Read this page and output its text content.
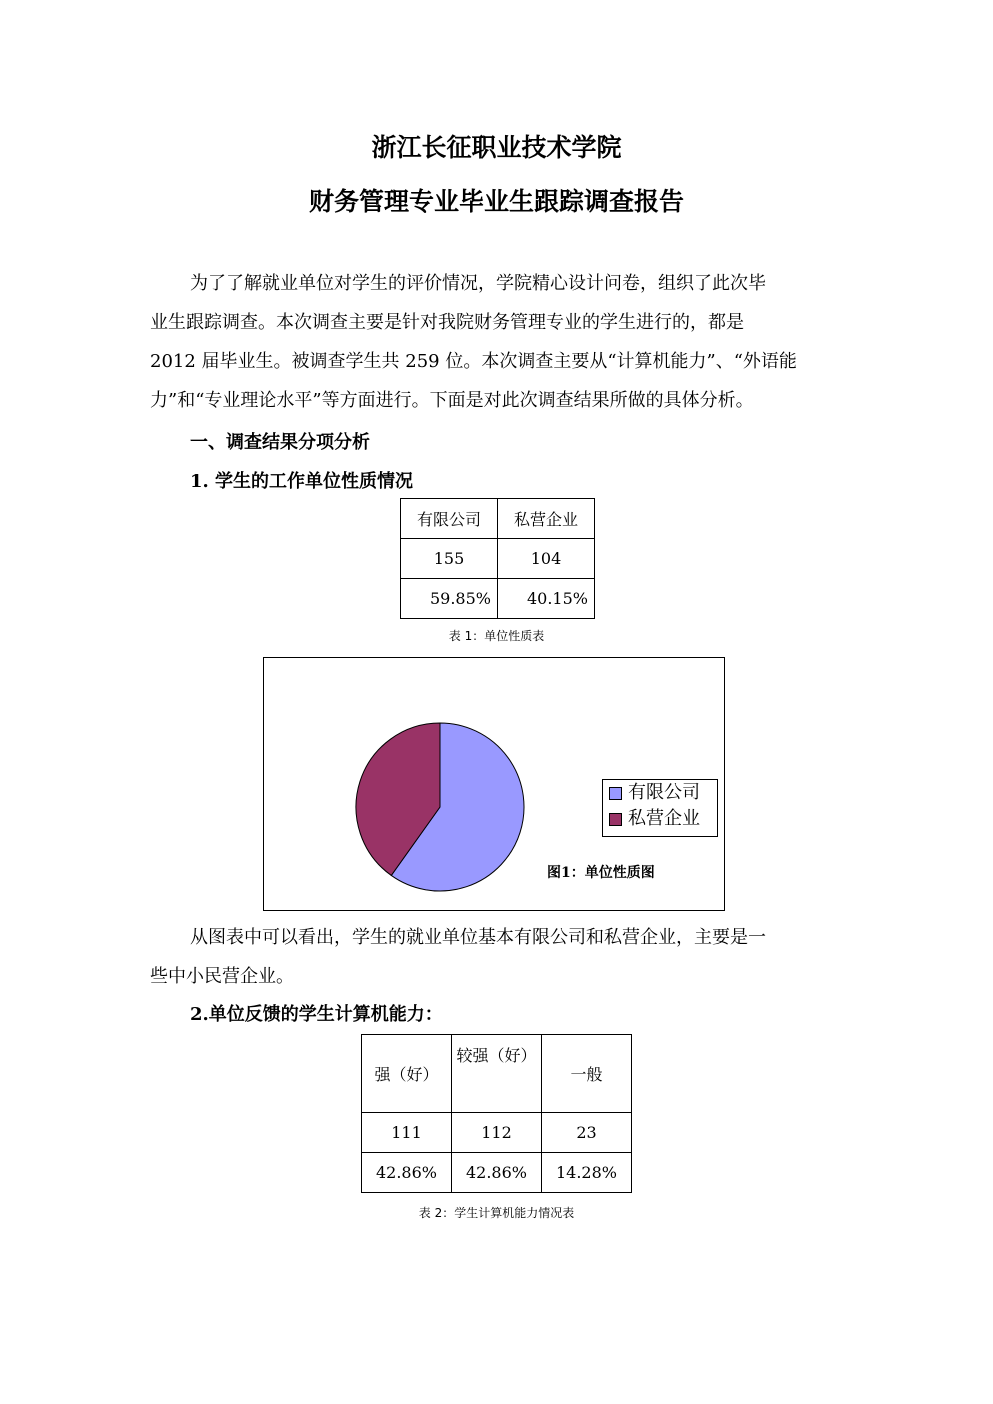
浙江长征职业技术学院
财务管理专业毕业生跟踪调查报告
为了了解就业单位对学生的评价情况，学院精心设计问卷，组织了此次毕
业生跟踪调查。本次调查主要是针对我院财务管理专业的学生进行的，都是
2012 届毕业生。被调查学生共 259 位。本次调查主要从“计算机能力”、“外语能
力”和“专业理论水平”等方面进行。下面是对此次调查结果所做的具体分析。
一、调查结果分项分析
1. 学生的工作单位性质情况
有限公司	私营企业
155	104
59.85%	40.15%
表 1：单位性质表
有限公司
私营企业
图1：单位性质图
从图表中可以看出，学生的就业单位基本有限公司和私营企业，主要是一
些中小民营企业。
2.单位反馈的学生计算机能力：
强（好）	较强（好）	一般
111	112	23
42.86%	42.86%	14.28%
表 2：学生计算机能力情况表
